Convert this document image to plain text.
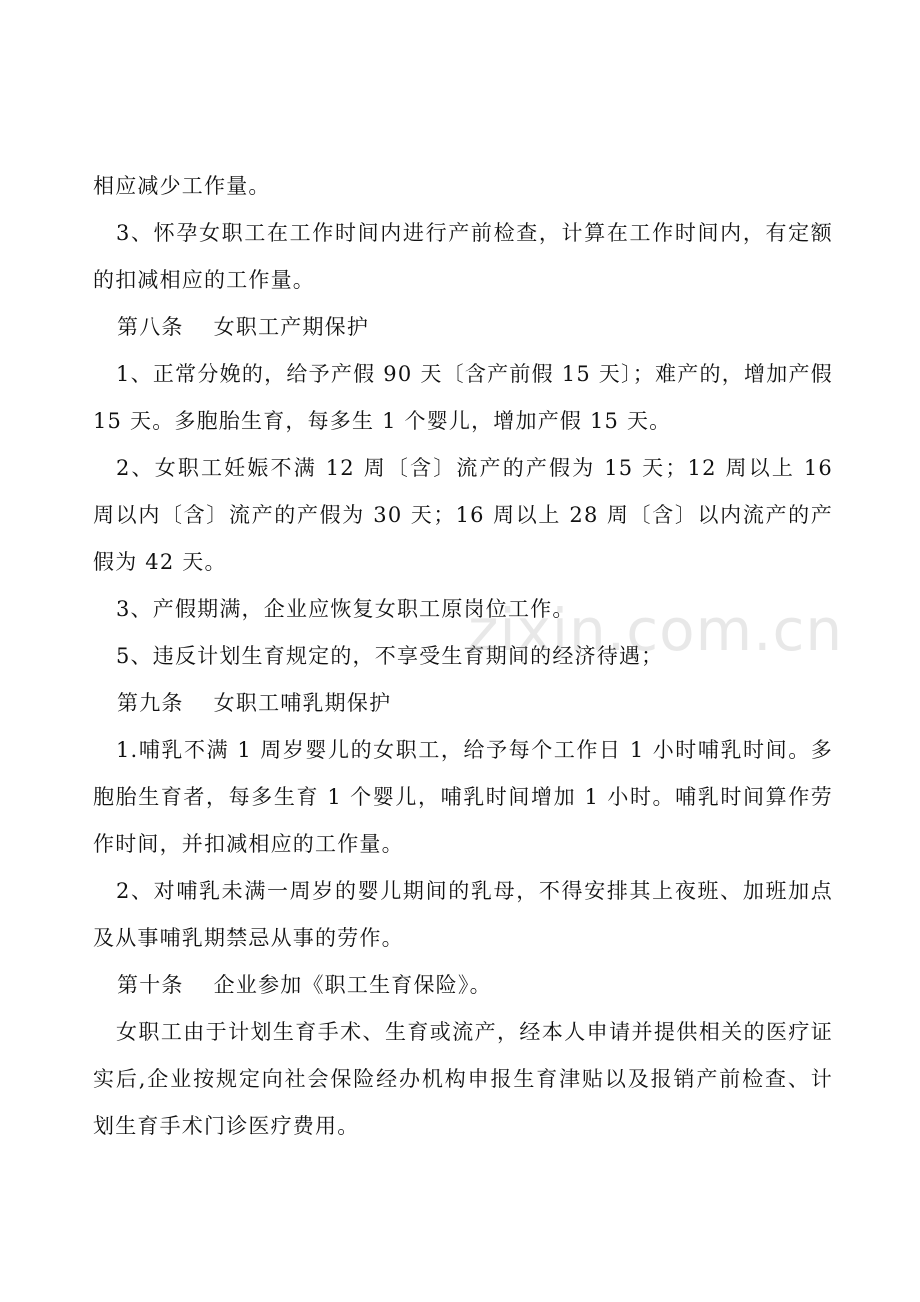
相应减少工作量。

3、怀孕女职工在工作时间内进行产前检查，计算在工作时间内，有定额的扣减相应的工作量。

第八条　 女职工产期保护

1、正常分娩的，给予产假 90 天〔含产前假 15 天〕；难产的，增加产假 15 天。多胞胎生育，每多生 1 个婴儿，增加产假 15 天。

2、女职工妊娠不满 12 周〔含〕流产的产假为 15 天；12 周以上 16 周以内〔含〕流产的产假为 30 天；16 周以上 28 周〔含〕以内流产的产假为 42 天。

3、产假期满，企业应恢复女职工原岗位工作。

5、违反计划生育规定的，不享受生育期间的经济待遇；

第九条　 女职工哺乳期保护

1.哺乳不满 1 周岁婴儿的女职工，给予每个工作日 1 小时哺乳时间。多胞胎生育者，每多生育 1 个婴儿，哺乳时间增加 1 小时。哺乳时间算作劳作时间，并扣减相应的工作量。

2、对哺乳未满一周岁的婴儿期间的乳母，不得安排其上夜班、加班加点及从事哺乳期禁忌从事的劳作。

第十条　 企业参加《职工生育保险》。

女职工由于计划生育手术、生育或流产，经本人申请并提供相关的医疗证实后,企业按规定向社会保险经办机构申报生育津贴以及报销产前检查、计划生育手术门诊医疗费用。

zixin.com.cn
